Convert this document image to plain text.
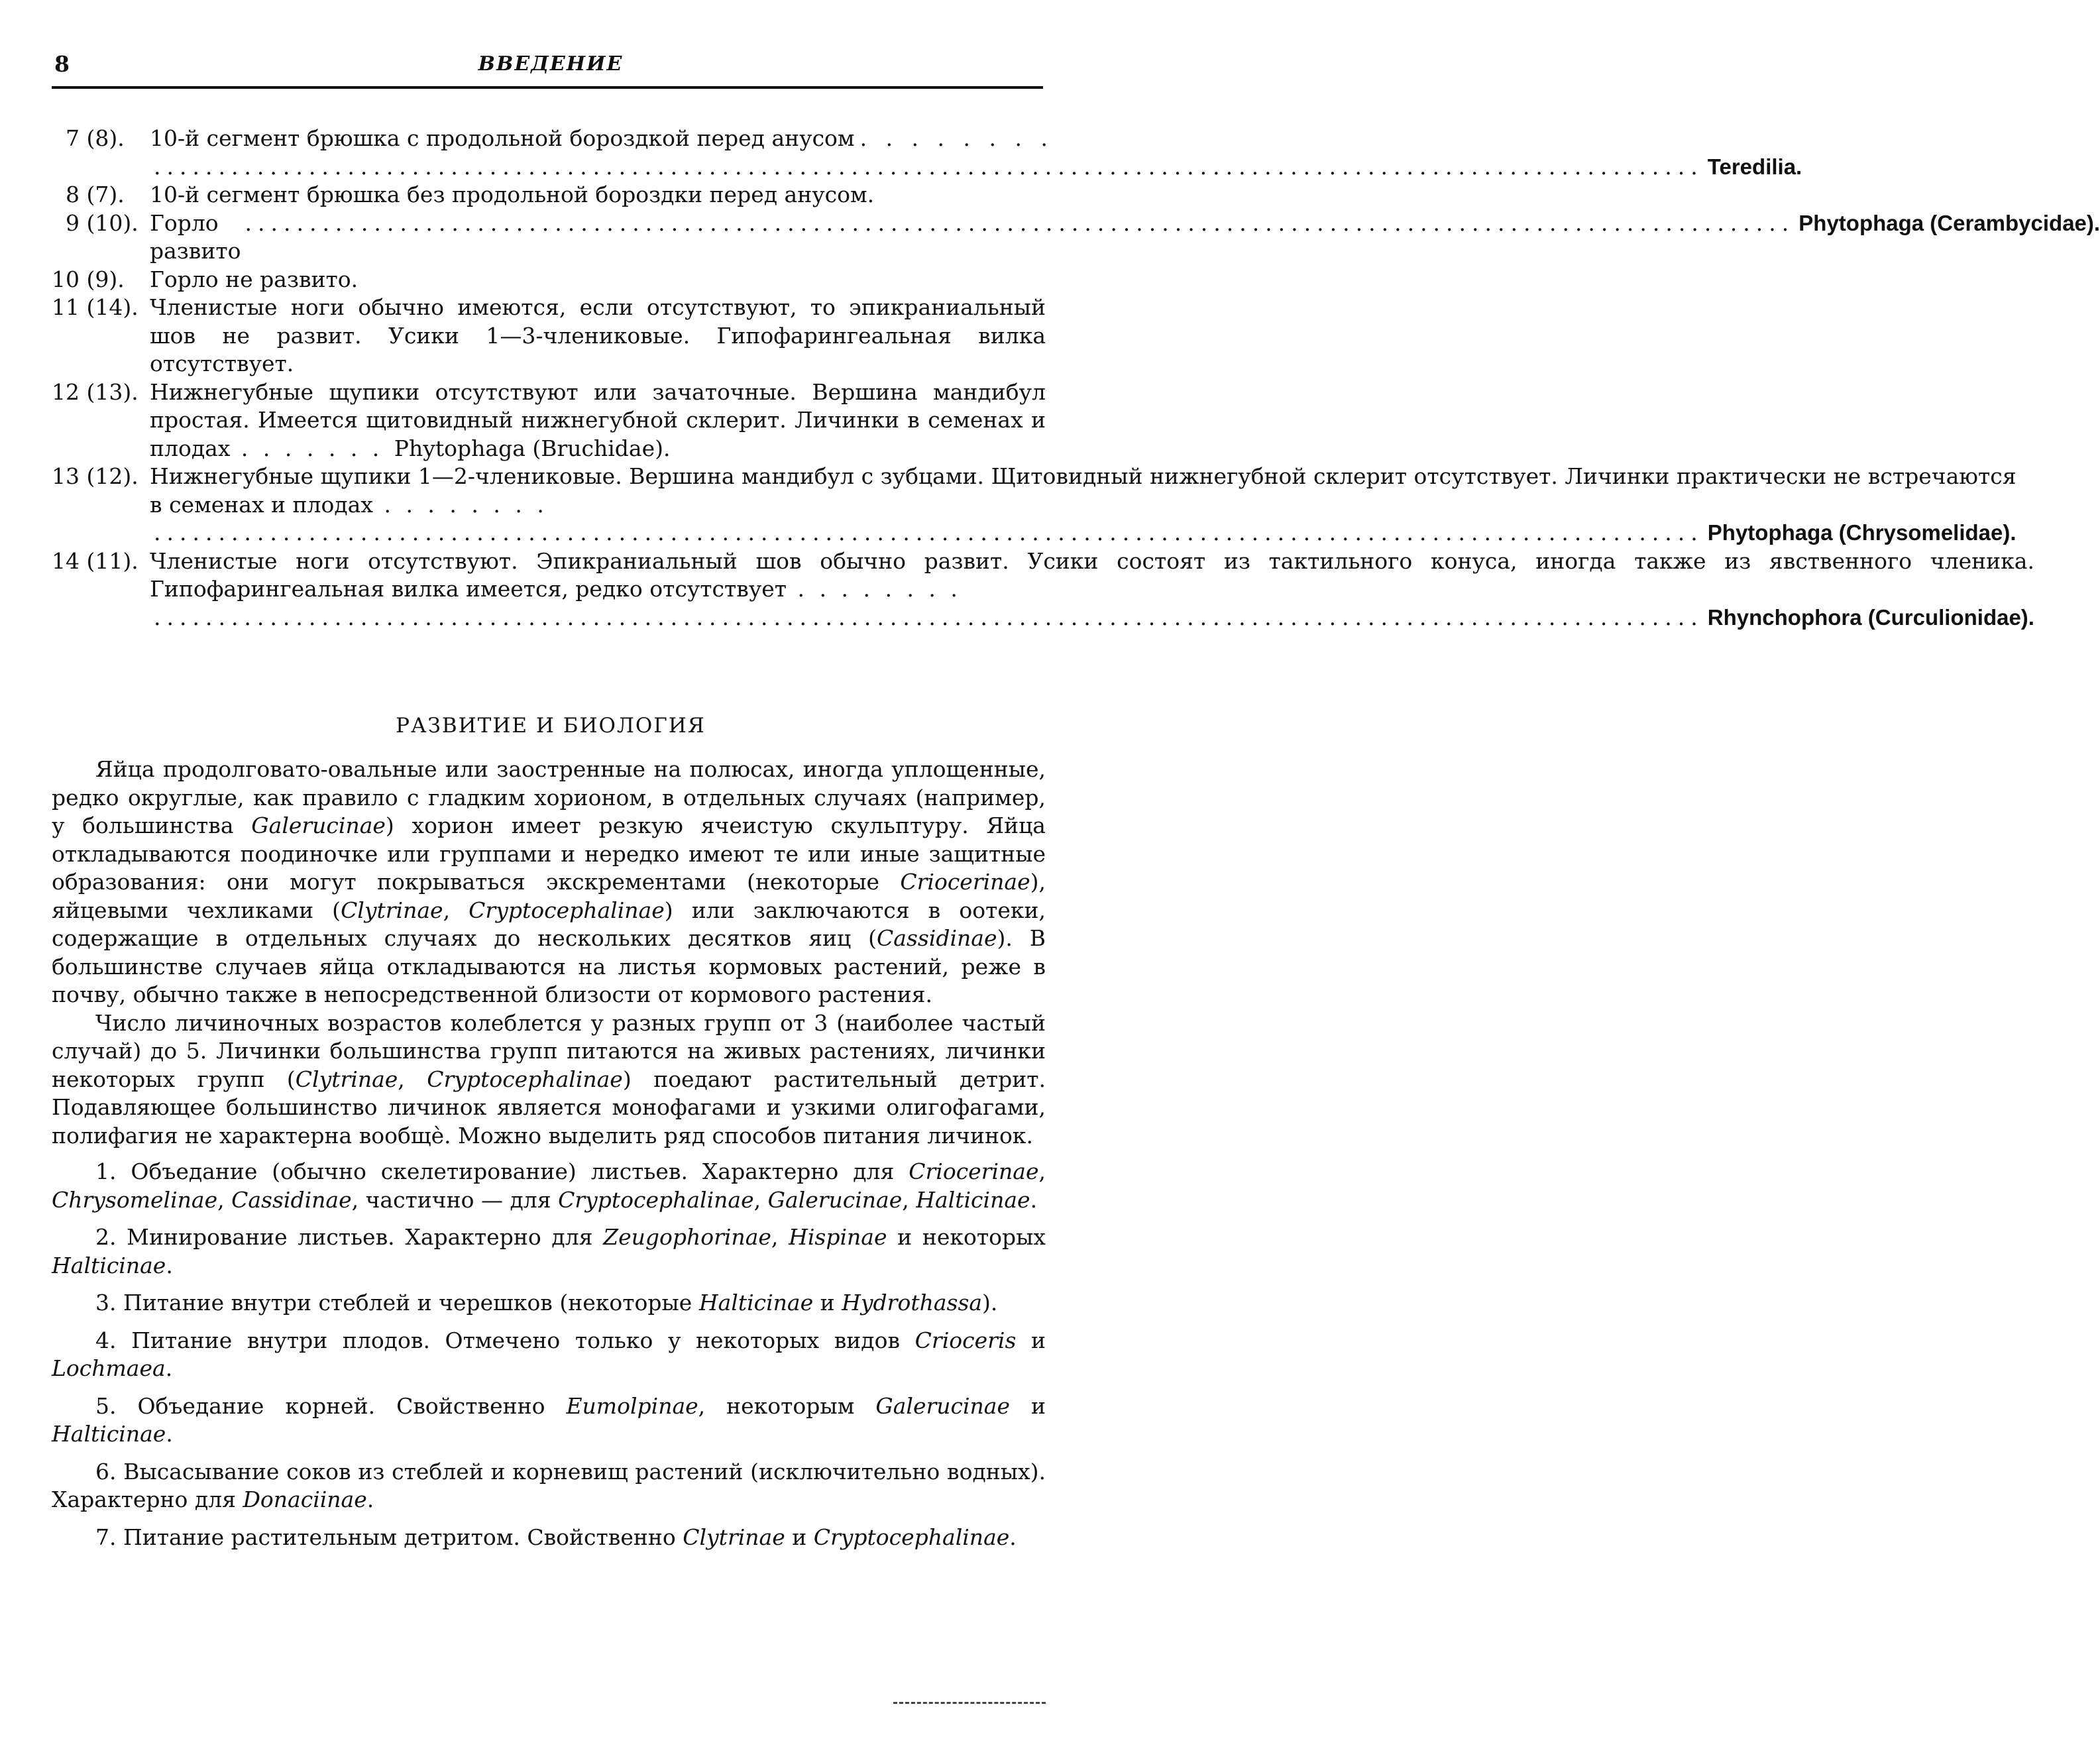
8	ВВЕДЕНИЕ
7 (8).	10-й сегмент брюшка с продольной бороздкой перед анусом . . . . . . . .
........................................................................................................................ Teredilia.
8 (7).	10-й сегмент брюшка без продольной бороздки перед анусом.
9 (10). Горло развито
........................................................................................................................ Phytophaga (Cerambycidae).
10 (9).	Горло не развито.
11 (14). Членистые ноги обычно имеются, если отсутствуют, то эпикраниальный шов не развит. Усики 1—3-члениковые. Гипофарингеальная вилка отсутствует.
12 (13). Нижнегубные щупики отсутствуют или зачаточные. Вершина мандибул простая. Имеется щитовидный нижнегубной склерит. Личинки в семенах и плодах . . . . . . . Phytophaga (Bruchidae).
13 (12). Нижнегубные щупики 1—2-члениковые. Вершина мандибул с зубцами. Щитовидный нижнегубной склерит отсутствует. Личинки практически не встречаются в семенах и плодах . . . . . . . .
........................................................................................................................ Phytophaga (Chrysomelidae).
14 (11). Членистые ноги отсутствуют. Эпикраниальный шов обычно развит. Усики состоят из тактильного конуса, иногда также из явственного членика. Гипофарингеальная вилка имеется, редко отсутствует . . . . . . . .
........................................................................................................................ Rhynchophora (Curculionidae).
РАЗВИТИЕ И БИОЛОГИЯ

Яйца продолговато-овальные или заостренные на полюсах, иногда уплощенные, редко округлые, как правило с гладким хорионом, в отдельных случаях (например, у большинства Galerucinae) хорион имеет резкую ячеистую скульптуру. Яйца откладываются поодиночке или группами и нередко имеют те или иные защитные образования: они могут покрываться экскрементами (некоторые Criocerinae), яйцевыми чехликами (Clytrinae, Cryptocephalinae) или заключаются в оотеки, содержащие в отдельных случаях до нескольких десятков яиц (Cassidinae). В большинстве случаев яйца откладываются на листья кормовых растений, реже в почву, обычно также в непосредственной близости от кормового растения.

Число личиночных возрастов колеблется у разных групп от 3 (наиболее частый случай) до 5. Личинки большинства групп питаются на живых растениях, личинки некоторых групп (Clytrinae, Cryptocephalinae) поедают растительный детрит. Подавляющее большинство личинок является монофагами и узкими олигофагами, полифагия не характерна вообщѐ. Можно выделить ряд способов питания личинок.

1. Объедание (обычно скелетирование) листьев. Характерно для Criocerinae, Chrysomelinae, Cassidinae, частично — для Cryptocephalinae, Galerucinae, Halticinae.
2. Минирование листьев. Характерно для Zeugophorinae, Hispinae и некоторых Halticinae.
3. Питание внутри стеблей и черешков (некоторые Halticinae и Hydrothassa).
4. Питание внутри плодов. Отмечено только у некоторых видов Crioceris и Lochmaea.
5. Объедание корней. Свойственно Eumolpinae, некоторым Galerucinae и Halticinae.
6. Высасывание соков из стеблей и корневищ растений (исключительно водных). Характерно для Donaciinae.
7. Питание растительным детритом. Свойственно Clytrinae и Cryptocephalinae.
